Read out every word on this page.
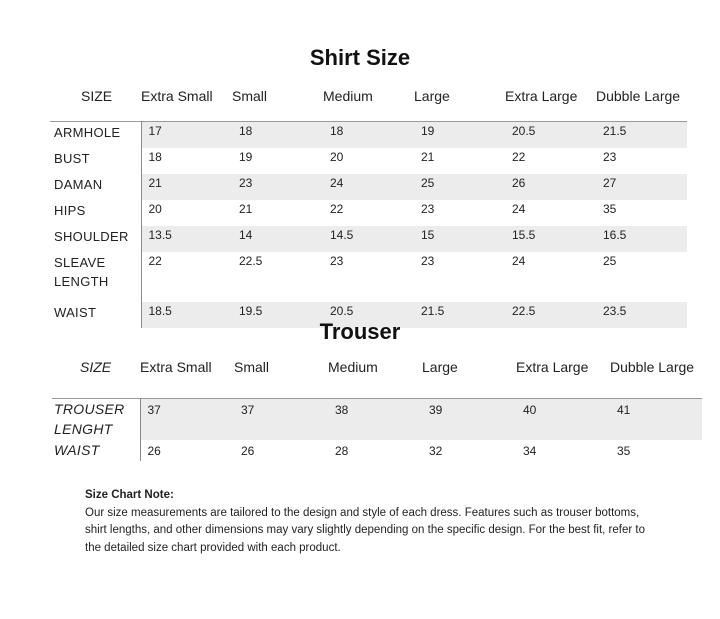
Shirt Size
SIZE	Extra Small	Small	Medium	Large	Extra Large	Dubble Large
ARMHOLE	17	18	18	19	20.5	21.5
BUST	18	19	20	21	22	23
DAMAN	21	23	24	25	26	27
HIPS	20	21	22	23	24	35
SHOULDER	13.5	14	14.5	15	15.5	16.5
SLEAVE LENGTH	22	22.5	23	23	24	25
WAIST	18.5	19.5	20.5	21.5	22.5	23.5
Trouser
SIZE	Extra Small	Small	Medium	Large	Extra Large	Dubble Large
TROUSER LENGHT	37	37	38	39	40	41
WAIST	26	26	28	32	34	35
Size Chart Note:
Our size measurements are tailored to the design and style of each dress. Features such as trouser bottoms, shirt lengths, and other dimensions may vary slightly depending on the specific design. For the best fit, refer to the detailed size chart provided with each product.
